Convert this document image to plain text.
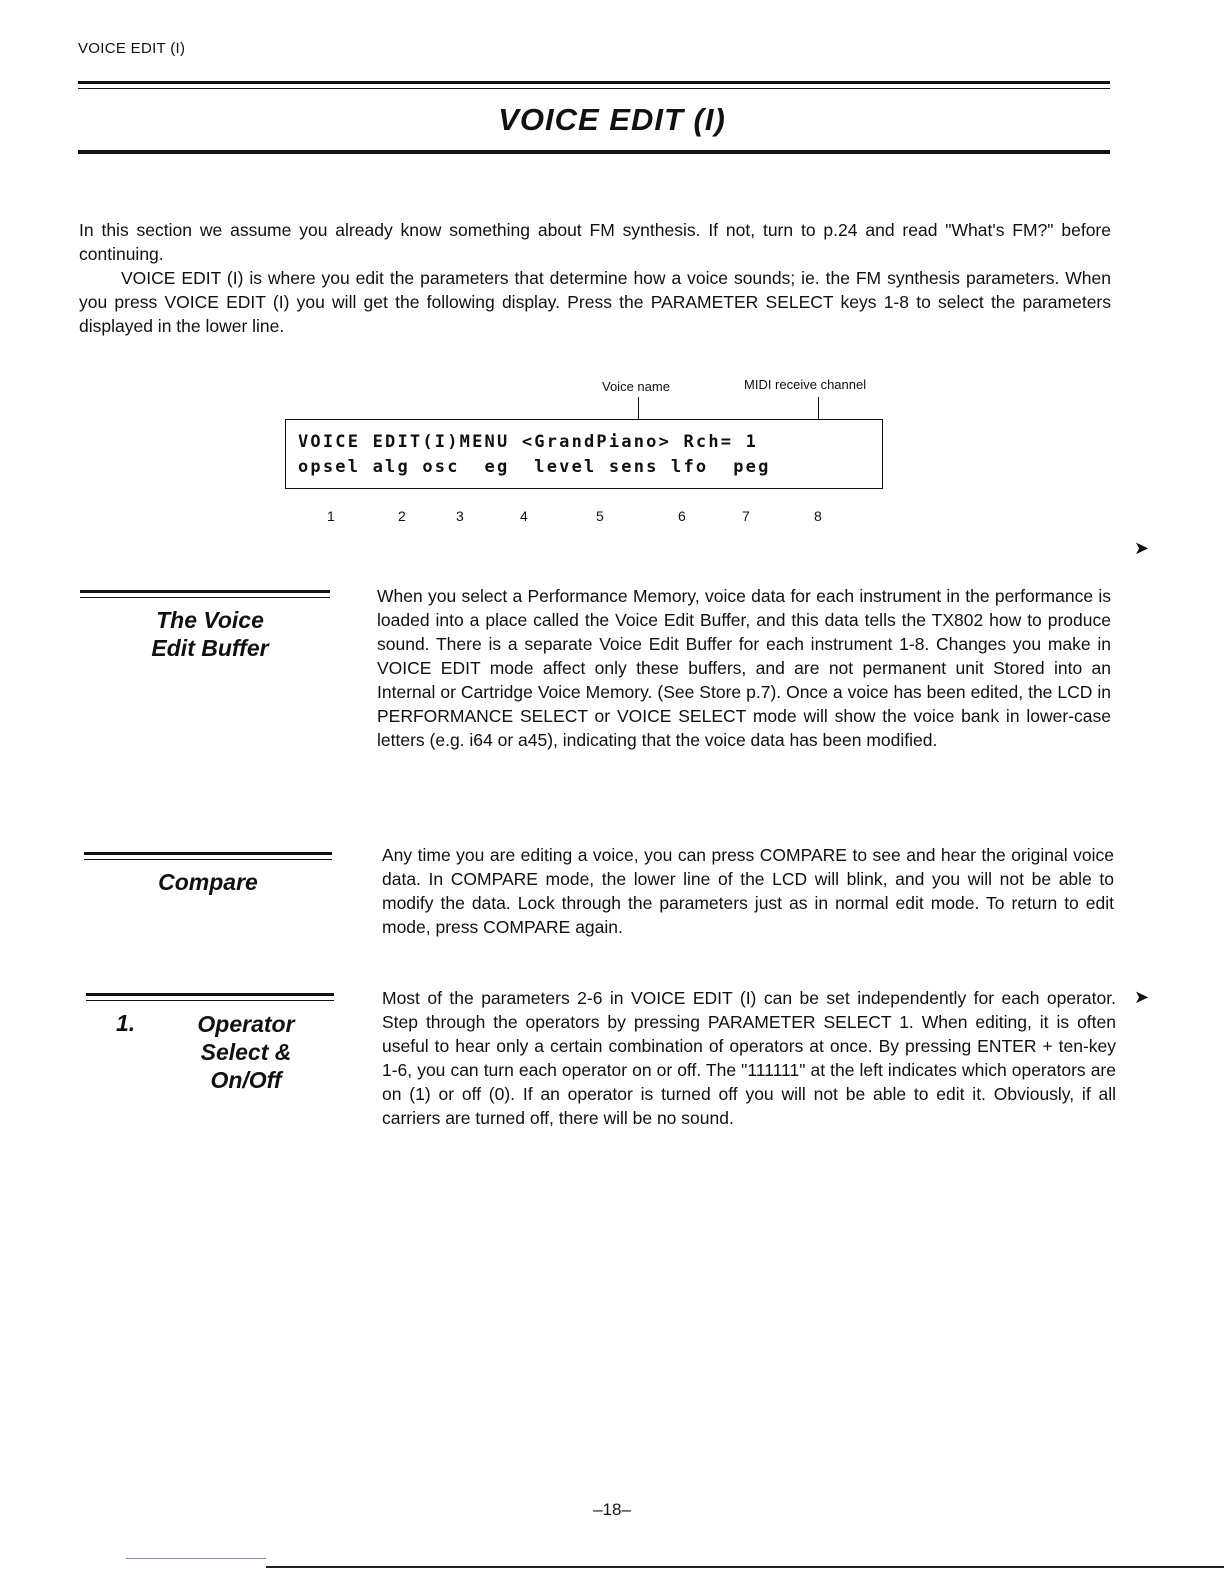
VOICE EDIT (I)
VOICE EDIT (I)

In this section we assume you already know something about FM synthesis. If not, turn to p.24 and read "What's FM?" before continuing.

VOICE EDIT (I) is where you edit the parameters that determine how a voice sounds; ie. the FM synthesis parameters. When you press VOICE EDIT (I) you will get the following display. Press the PARAMETER SELECT keys 1-8 to select the parameters displayed in the lower line.

Voice name	MIDI receive channel
VOICE EDIT(I)MENU <GrandPiano> Rch= 1
opsel alg osc  eg  level sens lfo  peg
1	2	3	4	5	6	7	8
➤
➤
The Voice
Edit Buffer

When you select a Performance Memory, voice data for each instrument in the performance is loaded into a place called the Voice Edit Buffer, and this data tells the TX802 how to produce sound. There is a separate Voice Edit Buffer for each instrument 1-8. Changes you make in VOICE EDIT mode affect only these buffers, and are not permanent unit Stored into an Internal or Cartridge Voice Memory. (See Store p.7). Once a voice has been edited, the LCD in PERFORMANCE SELECT or VOICE SELECT mode will show the voice bank in lower-case letters (e.g. i64 or a45), indicating that the voice data has been modified.

Compare

Any time you are editing a voice, you can press COMPARE to see and hear the original voice data. In COMPARE mode, the lower line of the LCD will blink, and you will not be able to modify the data. Lock through the parameters just as in normal edit mode. To return to edit mode, press COMPARE again.

1.	Operator
Select &
On/Off

Most of the parameters 2-6 in VOICE EDIT (I) can be set independently for each operator. Step through the operators by pressing PARAMETER SELECT 1. When editing, it is often useful to hear only a certain combination of operators at once. By pressing ENTER + ten-key 1-6, you can turn each operator on or off. The "111111" at the left indicates which operators are on (1) or off (0). If an operator is turned off you will not be able to edit it. Obviously, if all carriers are turned off, there will be no sound.

–18–
